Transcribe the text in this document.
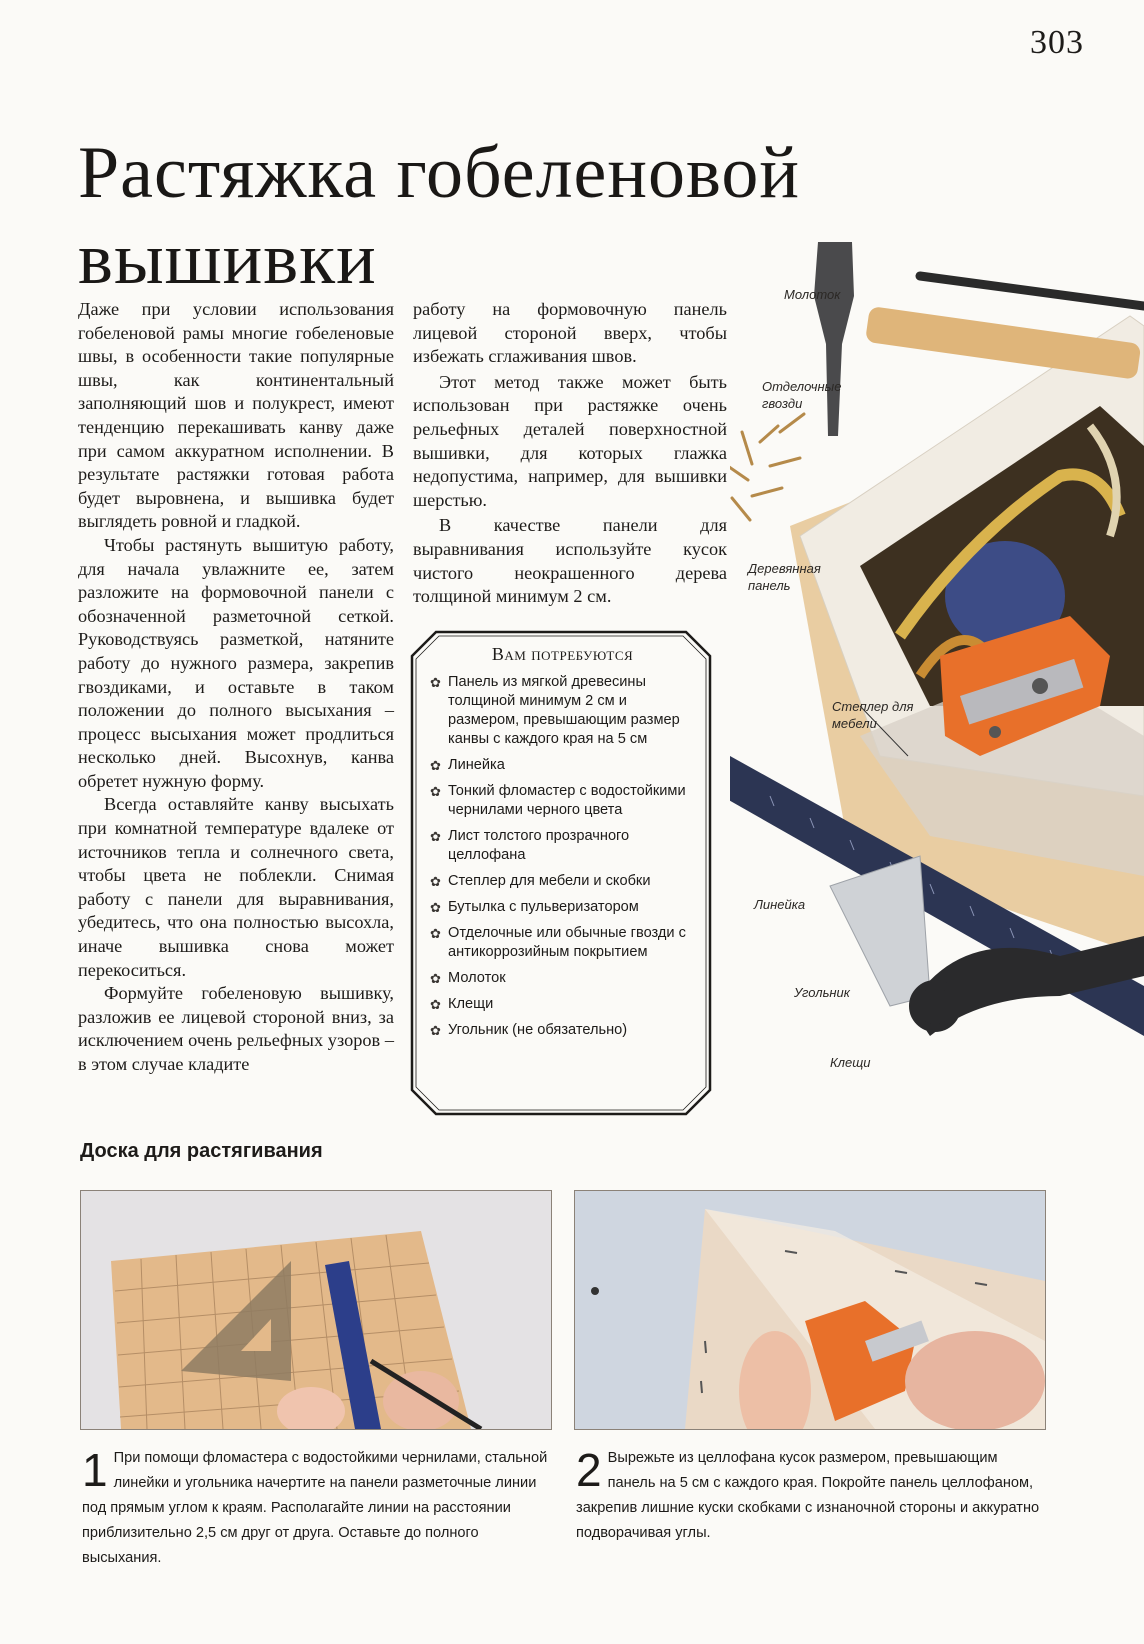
303
Растяжка гобеленовой
вышивки

Даже при условии использования гобеленовой рамы многие гобеленовые швы, в особенности такие популярные швы, как континентальный заполняющий шов и полукрест, имеют тенденцию перекашивать канву даже при самом аккуратном исполнении. В результате растяжки готовая работа будет выровнена, и вышивка будет выглядеть ровной и гладкой.

Чтобы растянуть вышитую работу, для начала увлажните ее, затем разложите на формовочной панели с обозначенной разметочной сеткой. Руководствуясь разметкой, натяните работу до нужного размера, закрепив гвоздиками, и оставьте в таком положении до полного высыхания – процесс высыхания может продлиться несколько дней. Высохнув, канва обретет нужную форму.

Всегда оставляйте канву высыхать при комнатной температуре вдалеке от источников тепла и солнечного света, чтобы цвета не поблекли. Снимая работу с панели для выравнивания, убедитесь, что она полностью высохла, иначе вышивка снова может перекоситься.

Формуйте гобеленовую вышивку, разложив ее лицевой стороной вниз, за исключением очень рельефных узоров – в этом случае кладите

работу на формовочную панель лицевой стороной вверх, чтобы избежать сглаживания швов.

Этот метод также может быть использован при растяжке очень рельефных деталей поверхностной вышивки, для которых глажка недопустима, например, для вышивки шерстью.

В качестве панели для выравнивания используйте кусок чистого неокрашенного дерева толщиной минимум 2 см.

Вам потребуются
✿ Панель из мягкой древесины толщиной минимум 2 см и размером, превышающим размер канвы с каждого края на 5 см
✿ Линейка
✿ Тонкий фломастер с водостойкими чернилами черного цвета
✿ Лист толстого прозрачного целлофана
✿ Степлер для мебели и скобки
✿ Бутылка с пульверизатором
✿ Отделочные или обычные гвозди с антикоррозийным покрытием
✿ Молоток
✿ Клещи
✿ Угольник (не обязательно)
Молоток
Отделочные гвозди
Деревянная панель
Степлер для мебели
Линейка
Угольник
Клещи
Доска для растягивания
1 При помощи фломастера с водостойкими чернилами, стальной линейки и угольника начертите на панели разметочные линии под прямым углом к краям. Располагайте линии на расстоянии приблизительно 2,5 см друг от друга. Оставьте до полного высыхания.
2 Вырежьте из целлофана кусок размером, превышающим панель на 5 см с каждого края. Покройте панель целлофаном, закрепив лишние куски скобками с изнаночной стороны и аккуратно подворачивая углы.
